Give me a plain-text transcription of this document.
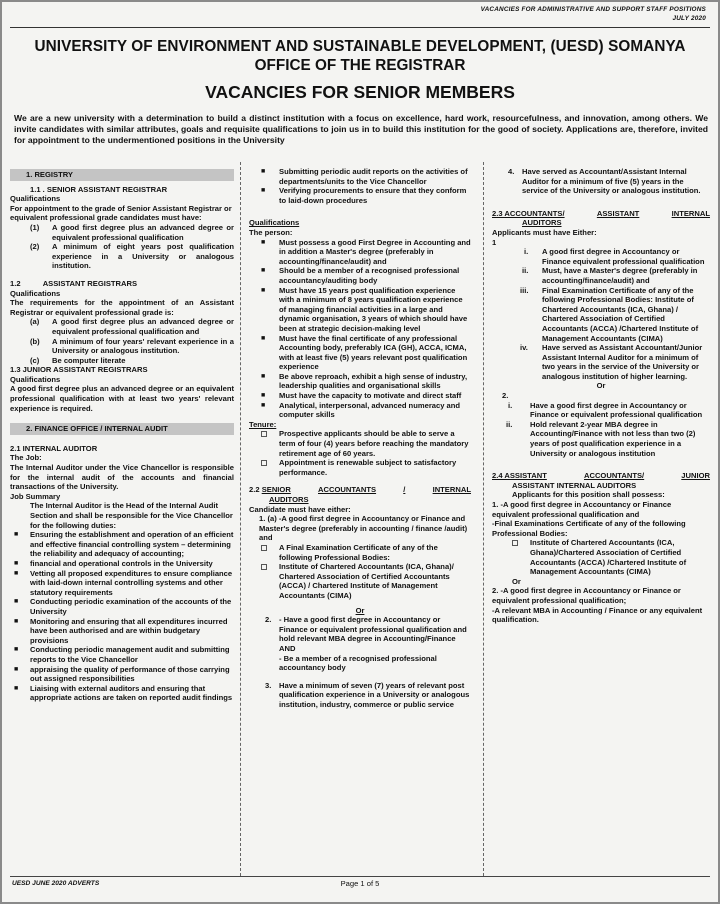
VACANCIES FOR ADMINISTRATIVE AND SUPPORT STAFF POSITIONS
JULY 2020
UNIVERSITY OF ENVIRONMENT AND SUSTAINABLE DEVELOPMENT, (UESD) SOMANYA
OFFICE OF THE REGISTRAR
VACANCIES FOR SENIOR MEMBERS
We are a new university with a determination to build a distinct institution with a focus on excellence, hard work, resourcefulness, and innovation, among others. We invite candidates with similar attributes, goals and requisite qualifications to join us in to build this institution for the good of society. Applications are, therefore, invited for appointment to the undermentioned positions in the University
1. REGISTRY
1.1 . SENIOR ASSISTANT REGISTRAR
Qualifications
For appointment to the grade of Senior Assistant Registrar or equivalent professional grade candidates must have:
(1) A good first degree plus an advanced degree or equivalent professional qualification
(2) A minimum of eight years post qualification experience in a University or analogous institution.
1.2	ASSISTANT REGISTRARS
Qualifications
The requirements for the appointment of an Assistant Registrar or equivalent professional grade is:
(a) A good first degree plus an advanced degree or equivalent professional qualification and
(b) A minimum of four years' relevant experience in a University or analogous institution.
(c) Be computer literate
1.3 JUNIOR ASSISTANT REGISTRARS
Qualifications
A good first degree plus an advanced degree or an equivalent professional qualification with at least two years' relevant experience is required.
2. FINANCE OFFICE / INTERNAL AUDIT
2.1 INTERNAL AUDITOR
The Job:
The Internal Auditor under the Vice Chancellor is responsible for the internal audit of the accounts and financial transactions of the University.
Job Summary
The Internal Auditor is the Head of the Internal Audit Section and shall be responsible for the Vice Chancellor for the following duties:
■ Ensuring the establishment and operation of an efficient and effective financial controlling system – determining the reliability and adequacy of accounting;
■ financial and operational controls in the University
■ Vetting all proposed expenditures to ensure compliance with laid-down internal controlling systems and other statutory requirements
■ Conducting periodic examination of the accounts of the University
■ Monitoring and ensuring that all expenditures incurred have been authorised and are within budgetary provisions
■ Conducting periodic management audit and submitting reports to the Vice Chancellor
■ appraising the quality of performance of those carrying out assigned responsibilities
■ Liaising with external auditors and ensuring that appropriate actions are taken on reported audit findings
■ Submitting periodic audit reports on the activities of departments/units to the Vice Chancellor
■ Verifying procurements to ensure that they conform to laid-down procedures
Qualifications
The person:
■ Must possess a good First Degree in Accounting and in addition a Master's degree (preferably in accounting/finance/audit) and
■ Should be a member of a recognised professional accountancy/auditing body
■ Must have 15 years post qualification experience with a minimum of 8 years qualification experience of managing financial activities in a large and dynamic organisation, 3 years of which should have been at strategic decision-making level
■ Must have the final certificate of any professional Accounting body, preferably ICA (GH), ACCA, ICMA, with at least five (5) years relevant post qualification experience
■ Be above reproach, exhibit a high sense of industry, leadership qualities and organisational skills
■ Must have the capacity to motivate and direct staff
■ Analytical, interpersonal, advanced numeracy and computer skills
Tenure:
Prospective applicants should be able to serve a term of four (4) years before reaching the mandatory retirement age of 60 years.
Appointment is renewable subject to satisfactory performance.
2.2 SENIOR	ACCOUNTANTS	/	INTERNAL
AUDITORS
Candidate must have either:
1. (a) -A good first degree in Accountancy or Finance and Master's degree (preferably in accounting / finance /audit) and
A Final Examination Certificate of any of the following Professional Bodies:
Institute of Chartered Accountants (ICA, Ghana)/ Chartered Association of Certified Accountants (ACCA) / Chartered Institute of Management Accountants (CIMA)
Or
2. - Have a good first degree in Accountancy or Finance or equivalent professional qualification and hold relevant MBA degree in Accounting/Finance AND
- Be a member of a recognised professional accountancy body
3. Have a minimum of seven (7) years of relevant post qualification experience in a University or analogous institution, industry, commerce or public service
4. Have served as Accountant/Assistant Internal Auditor for a minimum of five (5) years in the service of the University or analogous institution.
2.3 ACCOUNTANTS/	ASSISTANT	INTERNAL
AUDITORS
Applicants must have Either:
1
i. A good first degree in Accountancy or Finance equivalent professional qualification
ii. Must, have a Master's degree (preferably in accounting/finance/audit) and
iii. Final Examination Certificate of any of the following Professional Bodies: Institute of Chartered Accountants (ICA, Ghana) / Chartered Association of Certified Accountants (ACCA) /Chartered Institute of Management Accountants (CIMA)
iv. Have served as Assistant Accountant/Junior Assistant Internal Auditor for a minimum of two years in the service of the University or analogous institution of higher learning.
Or
2.
i. Have a good first degree in Accountancy or Finance or equivalent professional qualification
ii. Hold relevant 2-year MBA degree in Accounting/Finance with not less than two (2) years of post qualification experience in a University or analogous institution
2.4 ASSISTANT	ACCOUNTANTS/	JUNIOR
ASSISTANT INTERNAL AUDITORS
Applicants for this position shall possess:
1. -A good first degree in Accountancy or Finance equivalent professional qualification and
-Final Examinations Certificate of any of the following Professional Bodies:
Institute of Chartered Accountants (ICA, Ghana)/Chartered Association of Certified Accountants (ACCA) /Chartered Institute of Management Accountants (CIMA)
Or
2. -A good first degree in Accountancy or Finance or equivalent professional qualification;
-A relevant MBA in Accounting / Finance or any equivalent qualification.
UESD JUNE 2020 ADVERTS	Page 1 of 5
